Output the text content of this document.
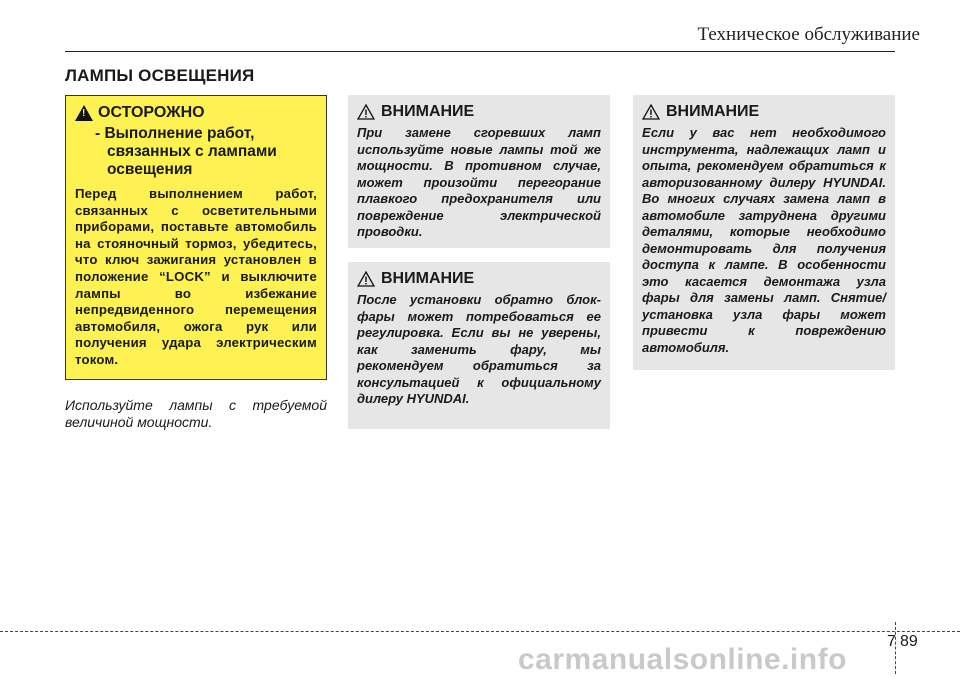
Техническое обслуживание
ЛАМПЫ ОСВЕЩЕНИЯ
! ОСТОРОЖНО
- Выполнение работ, связанных с лампами освещения
Перед выполнением работ, связанных с осветительными приборами, поставьте автомобиль на стояночный тормоз, убедитесь, что ключ зажигания установлен в положение “LOCK” и выключите лампы во избежание непредвиденного перемещения автомобиля, ожога рук или получения удара электрическим током.
Используйте лампы с требуемой величиной мощности.
ВНИМАНИЕ
При замене сгоревших ламп используйте новые лампы той же мощности. В противном случае, может произойти перегорание плавкого предохранителя или повреждение электрической проводки.
ВНИМАНИЕ
После установки обратно блок-фары может потребоваться ее регулировка. Если вы не уверены, как заменить фару, мы рекомендуем обратиться за консультацией к официальному дилеру HYUNDAI.
ВНИМАНИЕ
Если у вас нет необходимого инструмента, надлежащих ламп и опыта, рекомендуем обратиться к авторизованному дилеру HYUNDAI. Во многих случаях замена ламп в автомобиле затруднена другими деталями, которые необходимо демонтировать для получения доступа к лампе. В особенности это касается демонтажа узла фары для замены ламп. Снятие/установка узла фары может привести к повреждению автомобиля.
7 89
carmanualsonline.info
